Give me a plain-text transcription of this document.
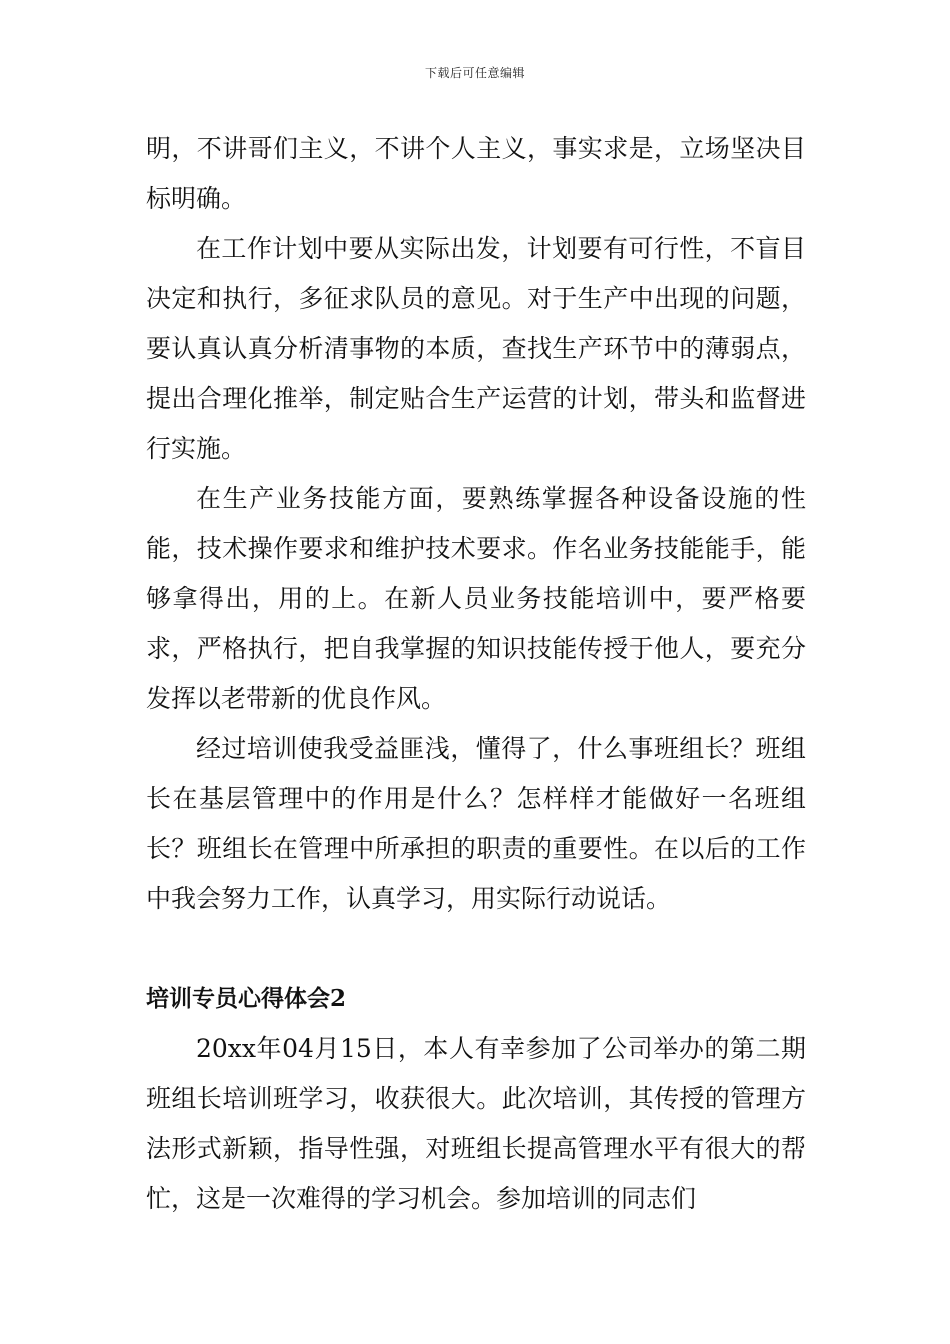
下载后可任意编辑

明，不讲哥们主义，不讲个人主义，事实求是，立场坚决目标明确。

在工作计划中要从实际出发，计划要有可行性，不盲目决定和执行，多征求队员的意见。对于生产中出现的问题，要认真认真分析清事物的本质，查找生产环节中的薄弱点，提出合理化推举，制定贴合生产运营的计划，带头和监督进行实施。

在生产业务技能方面，要熟练掌握各种设备设施的性能，技术操作要求和维护技术要求。作名业务技能能手，能够拿得出，用的上。在新人员业务技能培训中，要严格要求，严格执行，把自我掌握的知识技能传授于他人，要充分发挥以老带新的优良作风。

经过培训使我受益匪浅，懂得了，什么事班组长？班组长在基层管理中的作用是什么？怎样样才能做好一名班组长？班组长在管理中所承担的职责的重要性。在以后的工作中我会努力工作，认真学习，用实际行动说话。

培训专员心得体会2

20xx年04月15日，本人有幸参加了公司举办的第二期班组长培训班学习，收获很大。此次培训，其传授的管理方法形式新颖，指导性强，对班组长提高管理水平有很大的帮忙，这是一次难得的学习机会。参加培训的同志们
